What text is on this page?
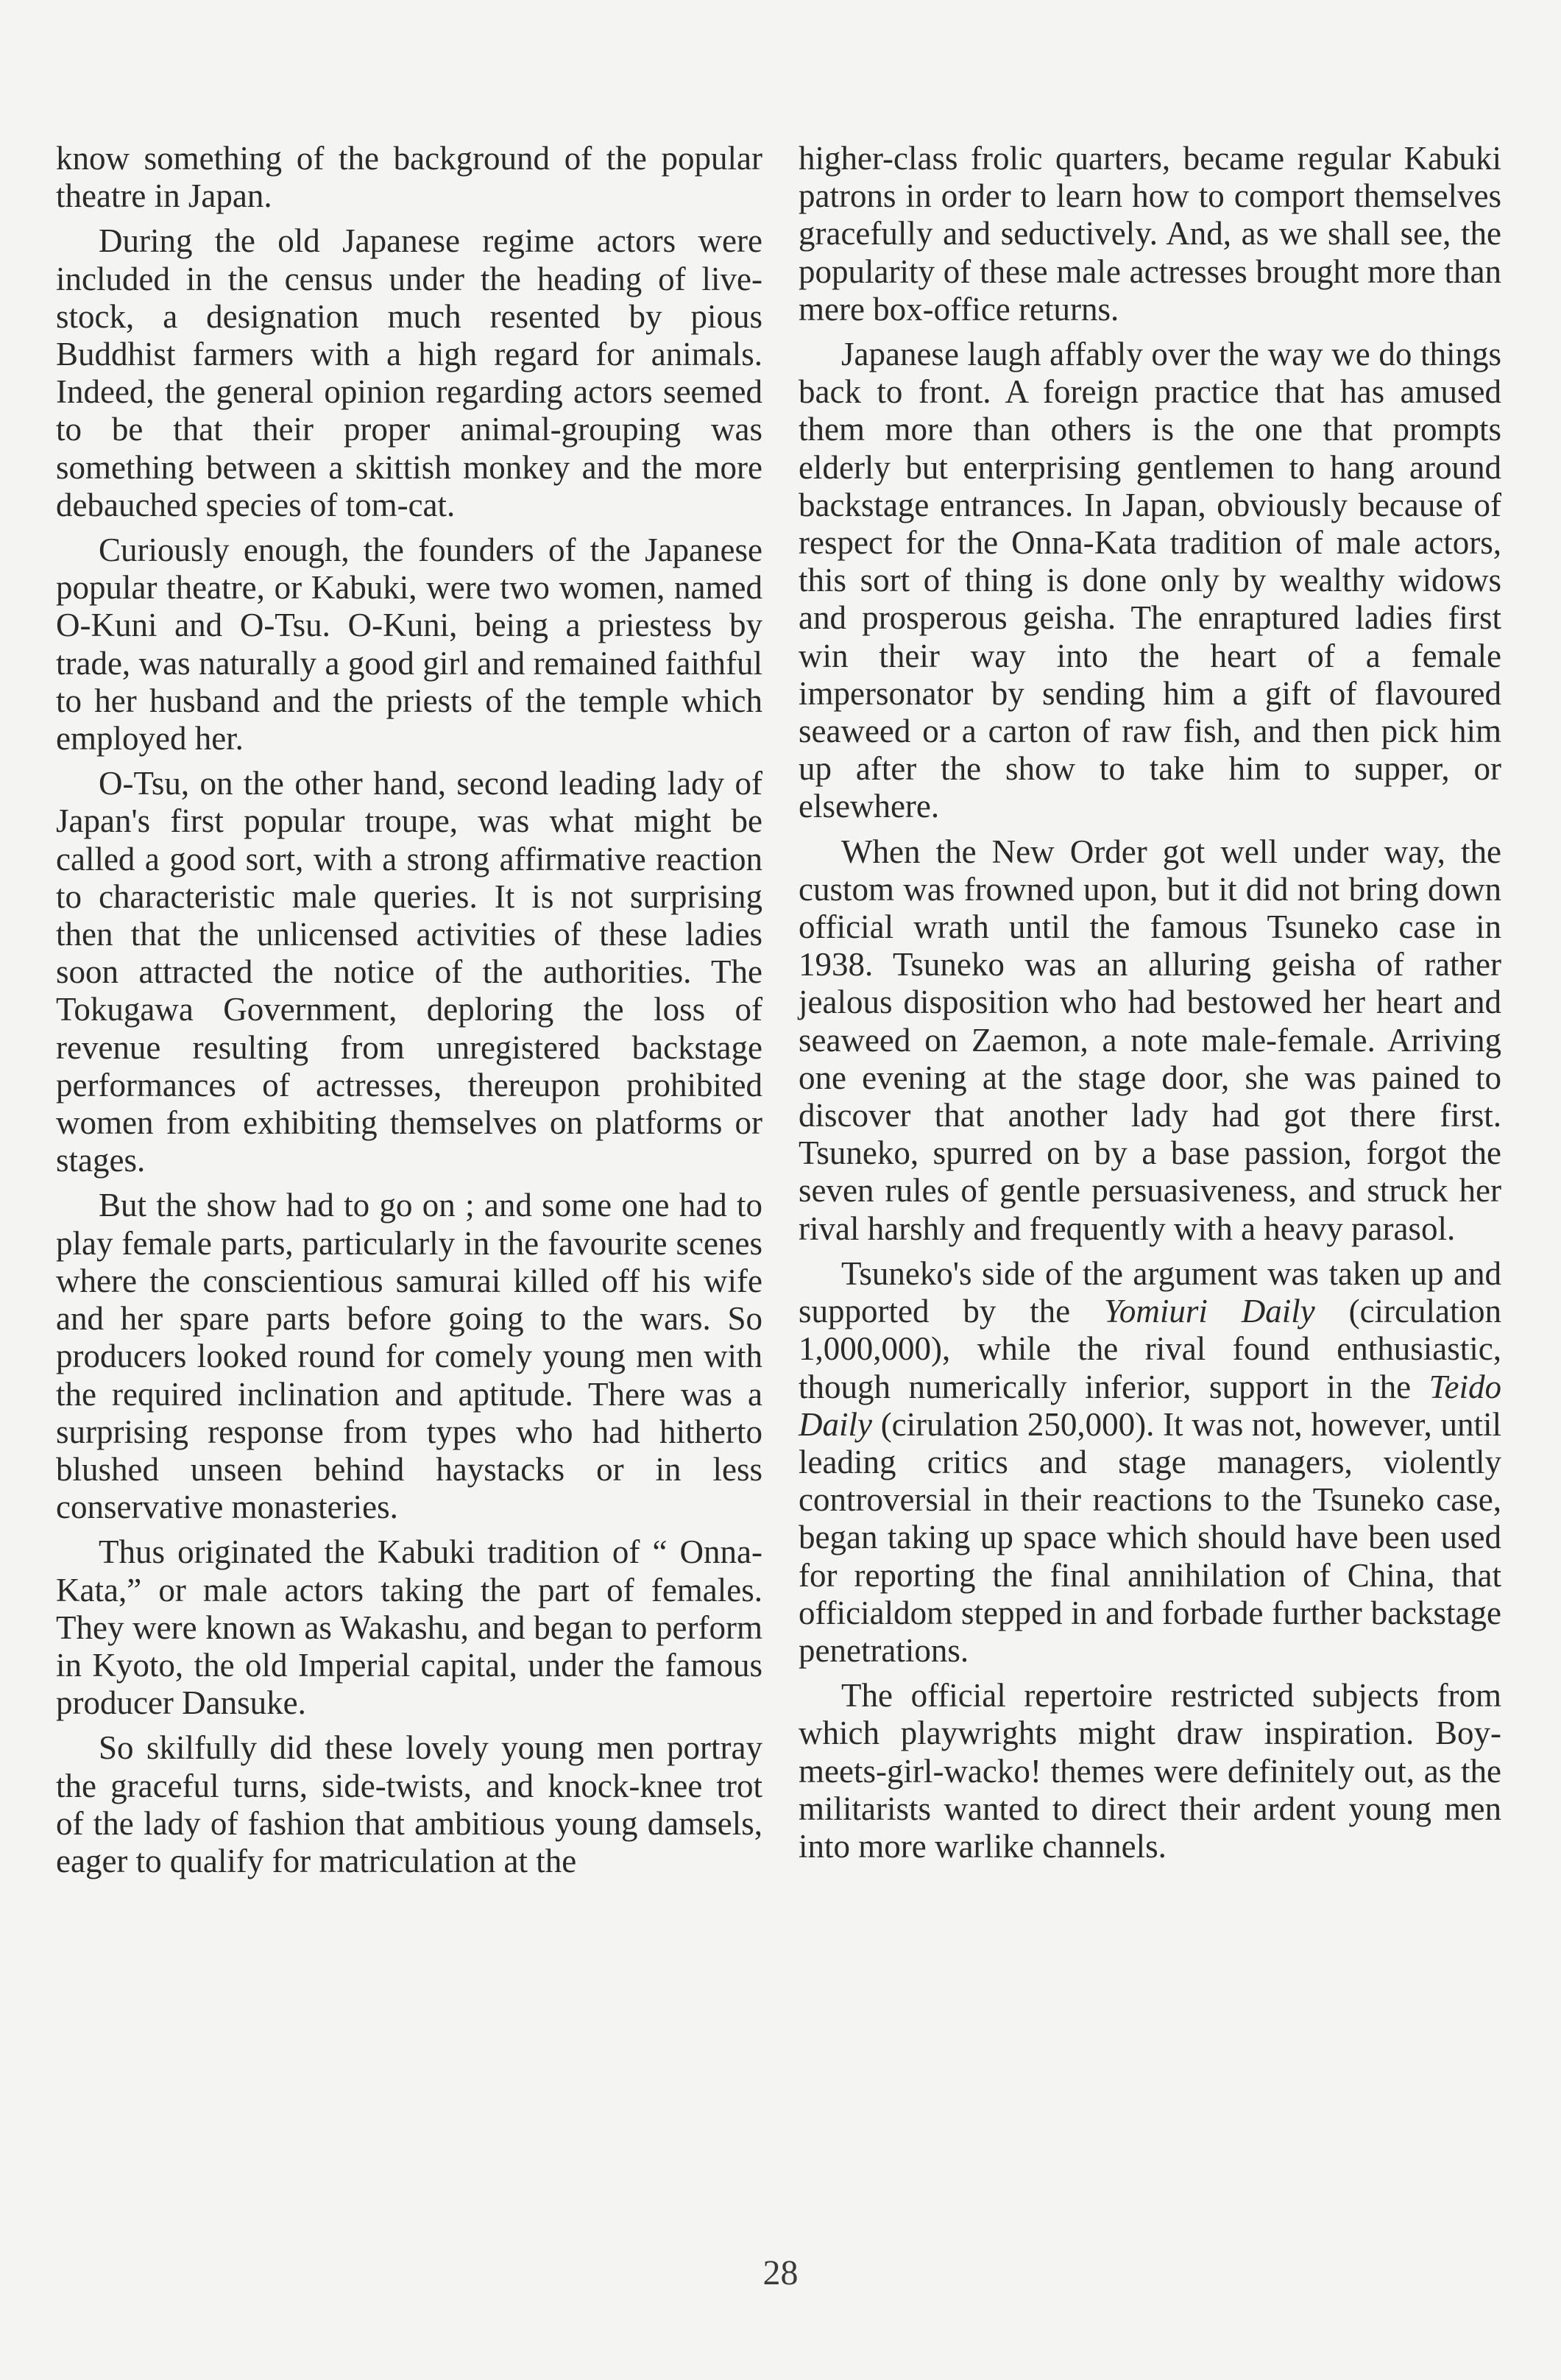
know something of the background of the popular theatre in Japan.

During the old Japanese regime actors were included in the census under the heading of live-stock, a designation much resented by pious Buddhist farmers with a high regard for animals. Indeed, the general opinion regarding actors seemed to be that their proper animal-grouping was something between a skittish monkey and the more debauched species of tom-cat.

Curiously enough, the founders of the Japanese popular theatre, or Kabuki, were two women, named O-Kuni and O-Tsu. O-Kuni, being a priestess by trade, was naturally a good girl and remained faithful to her husband and the priests of the temple which employed her.

O-Tsu, on the other hand, second leading lady of Japan's first popular troupe, was what might be called a good sort, with a strong affirmative reaction to characteristic male queries. It is not surprising then that the unlicensed activities of these ladies soon attracted the notice of the authorities. The Tokugawa Government, deploring the loss of revenue resulting from unregistered backstage performances of actresses, thereupon prohibited women from exhibiting themselves on platforms or stages.

But the show had to go on ; and some one had to play female parts, particularly in the favourite scenes where the conscientious samurai killed off his wife and her spare parts before going to the wars. So producers looked round for comely young men with the required inclination and aptitude. There was a surprising response from types who had hitherto blushed unseen behind haystacks or in less conservative monasteries.

Thus originated the Kabuki tradition of “ Onna-Kata,” or male actors taking the part of females. They were known as Wakashu, and began to perform in Kyoto, the old Imperial capital, under the famous producer Dansuke.

So skilfully did these lovely young men portray the graceful turns, side-twists, and knock-knee trot of the lady of fashion that ambitious young damsels, eager to qualify for matriculation at the

higher-class frolic quarters, became regular Kabuki patrons in order to learn how to comport themselves gracefully and seductively. And, as we shall see, the popularity of these male actresses brought more than mere box-office returns.

Japanese laugh affably over the way we do things back to front. A foreign practice that has amused them more than others is the one that prompts elderly but enterprising gentlemen to hang around backstage entrances. In Japan, obviously because of respect for the Onna-Kata tradition of male actors, this sort of thing is done only by wealthy widows and prosperous geisha. The enraptured ladies first win their way into the heart of a female impersonator by sending him a gift of flavoured seaweed or a carton of raw fish, and then pick him up after the show to take him to supper, or elsewhere.

When the New Order got well under way, the custom was frowned upon, but it did not bring down official wrath until the famous Tsuneko case in 1938. Tsuneko was an alluring geisha of rather jealous disposition who had bestowed her heart and seaweed on Zaemon, a note male-female. Arriving one evening at the stage door, she was pained to discover that another lady had got there first. Tsuneko, spurred on by a base passion, forgot the seven rules of gentle persuasiveness, and struck her rival harshly and frequently with a heavy parasol.

Tsuneko's side of the argument was taken up and supported by the Yomiuri Daily (circulation 1,000,000), while the rival found enthusiastic, though numerically inferior, support in the Teido Daily (cirulation 250,000). It was not, however, until leading critics and stage managers, violently controversial in their reactions to the Tsuneko case, began taking up space which should have been used for reporting the final annihilation of China, that officialdom stepped in and forbade further backstage penetrations.

The official repertoire restricted subjects from which playwrights might draw inspiration. Boy-meets-girl-wacko! themes were definitely out, as the militarists wanted to direct their ardent young men into more warlike channels.

28
